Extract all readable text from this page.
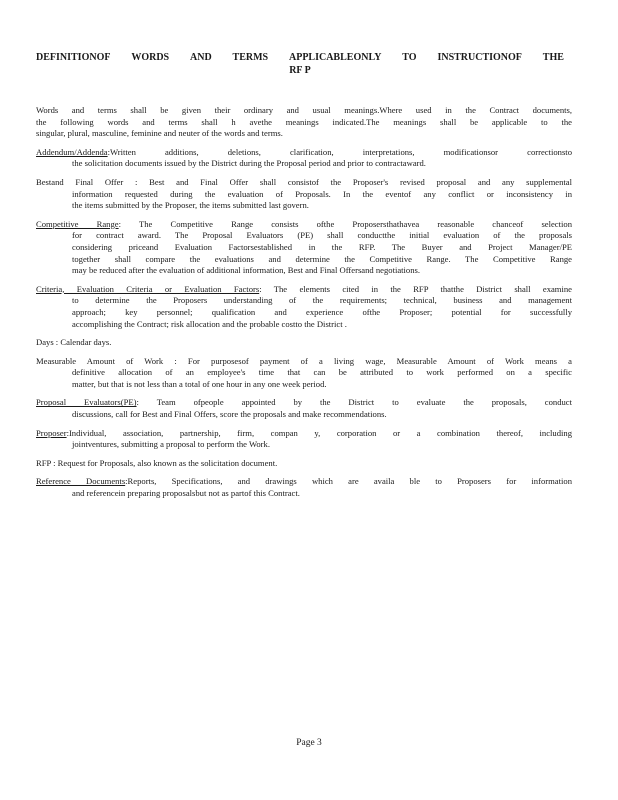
DEFINITIONOF WORDS AND TERMS APPLICABLEONLY TO INSTRUCTIONOF THE
RF P
Words and terms shall be given their ordinary and usual meanings.Where used in the Contract documents,
the following words and terms shall h avethe meanings indicated.The meanings shall be applicable to the
singular, plural, masculine, feminine and neuter of the words and terms.
Addendum/Addenda:Written additions, deletions, clarification, interpretations, modificationsor correctionsto
the solicitation documents issued by the District during the Proposal period and prior to contractaward.
Bestand Final Offer : Best and Final Offer shall consistof the Proposer's revised proposal and any supplemental
information requested during the evaluation of Proposals. In the eventof any conflict or inconsistency in
the items submitted by the Proposer, the items submitted last govern.
Competitive Range: The Competitive Range consists ofthe Proposersthathavea reasonable chanceof selection
for contract award. The Proposal Evaluators (PE) shall conductthe initial evaluation of the proposals
considering priceand Evaluation Factorsestablished in the RFP. The Buyer and Project Manager/PE
together shall compare the evaluations and determine the Competitive Range. The Competitive Range
may be reduced after the evaluation of additional information, Best and Final Offersand negotiations.
Criteria, Evaluation Criteria or Evaluation Factors: The elements cited in the RFP thatthe District shall examine
to determine the Proposers understanding of the requirements; technical, business and management
approach; key personnel; qualification and experience ofthe Proposer; potential for successfully
accomplishing the Contract; risk allocation and the probable costto the District .
Days : Calendar days.
Measurable Amount of Work : For purposesof payment of a living wage, Measurable Amount of Work means a
definitive allocation of an employee's time that can be attributed to work performed on a specific
matter, but that is not less than a total of one hour in any one week period.
Proposal Evaluators(PE): Team ofpeople appointed by the District to evaluate the proposals, conduct
discussions, call for Best and Final Offers, score the proposals and make recommendations.
Proposer:Individual, association, partnership, firm, compan y, corporation or a combination thereof, including
jointventures, submitting a proposal to perform the Work.
RFP : Request for Proposals, also known as the solicitation document.
Reference Documents:Reports, Specifications, and drawings which are availa ble to Proposers for information
and referencein preparing proposalsbut not as partof this Contract.
Page 3
